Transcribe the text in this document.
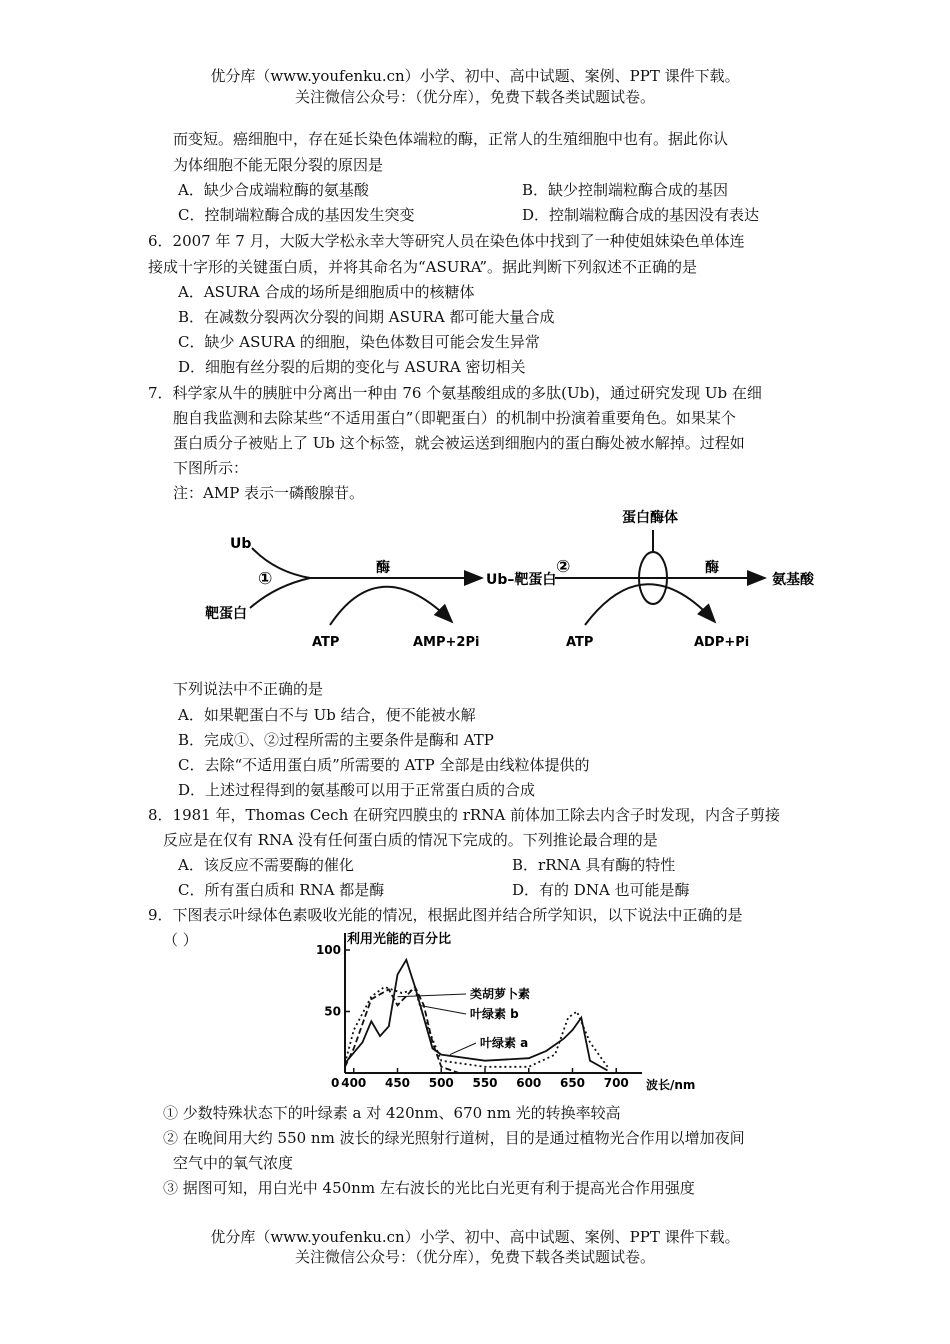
优分库（www.youfenku.cn）小学、初中、高中试题、案例、PPT 课件下载。
关注微信公众号：（优分库），免费下载各类试题试卷。
而变短。癌细胞中，存在延长染色体端粒的酶，正常人的生殖细胞中也有。据此你认
为体细胞不能无限分裂的原因是
A．缺少合成端粒酶的氨基酸	B．缺少控制端粒酶合成的基因
C．控制端粒酶合成的基因发生突变	D．控制端粒酶合成的基因没有表达
6．2007 年 7 月，大阪大学松永幸大等研究人员在染色体中找到了一种使姐妹染色单体连
接成十字形的关键蛋白质，并将其命名为“ASURA”。据此判断下列叙述不正确的是
A．ASURA 合成的场所是细胞质中的核糖体
B．在减数分裂两次分裂的间期 ASURA 都可能大量合成
C．缺少 ASURA 的细胞，染色体数目可能会发生异常
D．细胞有丝分裂的后期的变化与 ASURA 密切相关
7．科学家从牛的胰脏中分离出一种由 76 个氨基酸组成的多肽(Ub)，通过研究发现 Ub 在细
胞自我监测和去除某些“不适用蛋白”（即靶蛋白）的机制中扮演着重要角色。如果某个
蛋白质分子被贴上了 Ub 这个标签，就会被运送到细胞内的蛋白酶处被水解掉。过程如
下图所示：
注：AMP 表示一磷酸腺苷。
Ub
靶蛋白
①
酶
ATP	AMP+2Pi
Ub–靶蛋白
②
蛋白酶体
酶
氨基酸
ATP	ADP+Pi
下列说法中不正确的是
A．如果靶蛋白不与 Ub 结合，便不能被水解
B．完成①、②过程所需的主要条件是酶和 ATP
C．去除“不适用蛋白质”所需要的 ATP 全部是由线粒体提供的
D．上述过程得到的氨基酸可以用于正常蛋白质的合成
8．1981 年，Thomas Cech 在研究四膜虫的 rRNA 前体加工除去内含子时发现，内含子剪接
反应是在仅有 RNA 没有任何蛋白质的情况下完成的。下列推论最合理的是
A．该反应不需要酶的催化	B．rRNA 具有酶的特性
C．所有蛋白质和 RNA 都是酶	D．有的 DNA 也可能是酶
9．下图表示叶绿体色素吸收光能的情况，根据此图并结合所学知识，以下说法中正确的是
（ ）	利用光能的百分比
0
50
100
400 450 500 550 600 650 700 波长/nm
类胡萝卜素
叶绿素 b
叶绿素 a
① 少数特殊状态下的叶绿素 a 对 420nm、670 nm 光的转换率较高
② 在晚间用大约 550 nm 波长的绿光照射行道树，目的是通过植物光合作用以增加夜间
空气中的氧气浓度
③ 据图可知，用白光中 450nm 左右波长的光比白光更有利于提高光合作用强度
优分库（www.youfenku.cn）小学、初中、高中试题、案例、PPT 课件下载。
关注微信公众号：（优分库），免费下载各类试题试卷。
